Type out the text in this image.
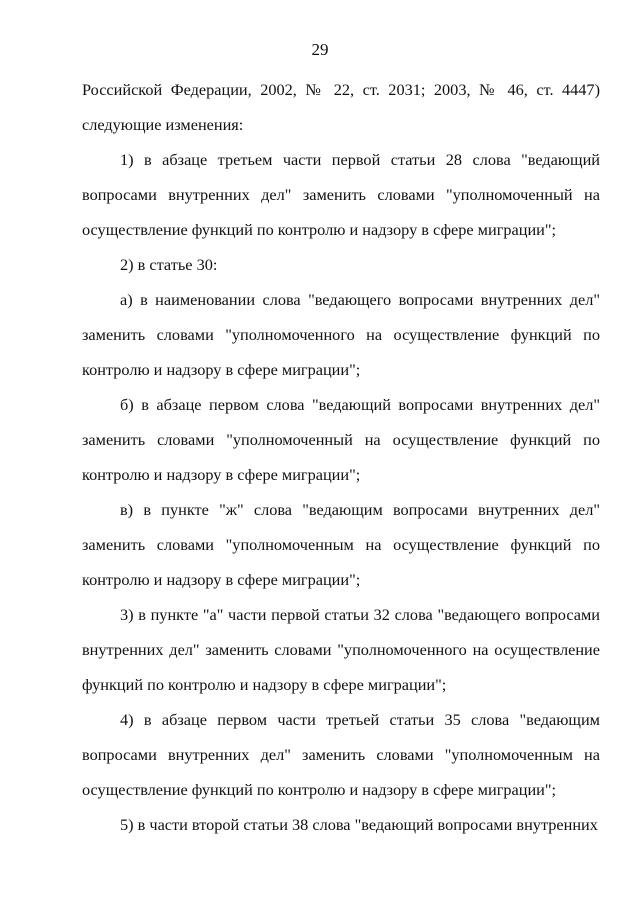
29

Российской Федерации, 2002, № 22, ст. 2031; 2003, № 46, ст. 4447) следующие изменения:

1) в абзаце третьем части первой статьи 28 слова "ведающий вопросами внутренних дел" заменить словами "уполномоченный на осуществление функций по контролю и надзору в сфере миграции";

2) в статье 30:

а) в наименовании слова "ведающего вопросами внутренних дел" заменить словами "уполномоченного на осуществление функций по контролю и надзору в сфере миграции";

б) в абзаце первом слова "ведающий вопросами внутренних дел" заменить словами "уполномоченный на осуществление функций по контролю и надзору в сфере миграции";

в) в пункте "ж" слова "ведающим вопросами внутренних дел" заменить словами "уполномоченным на осуществление функций по контролю и надзору в сфере миграции";

3) в пункте "а" части первой статьи 32 слова "ведающего вопросами внутренних дел" заменить словами "уполномоченного на осуществление функций по контролю и надзору в сфере миграции";

4) в абзаце первом части третьей статьи 35 слова "ведающим вопросами внутренних дел" заменить словами "уполномоченным на осуществление функций по контролю и надзору в сфере миграции";

5) в части второй статьи 38 слова "ведающий вопросами внутренних
